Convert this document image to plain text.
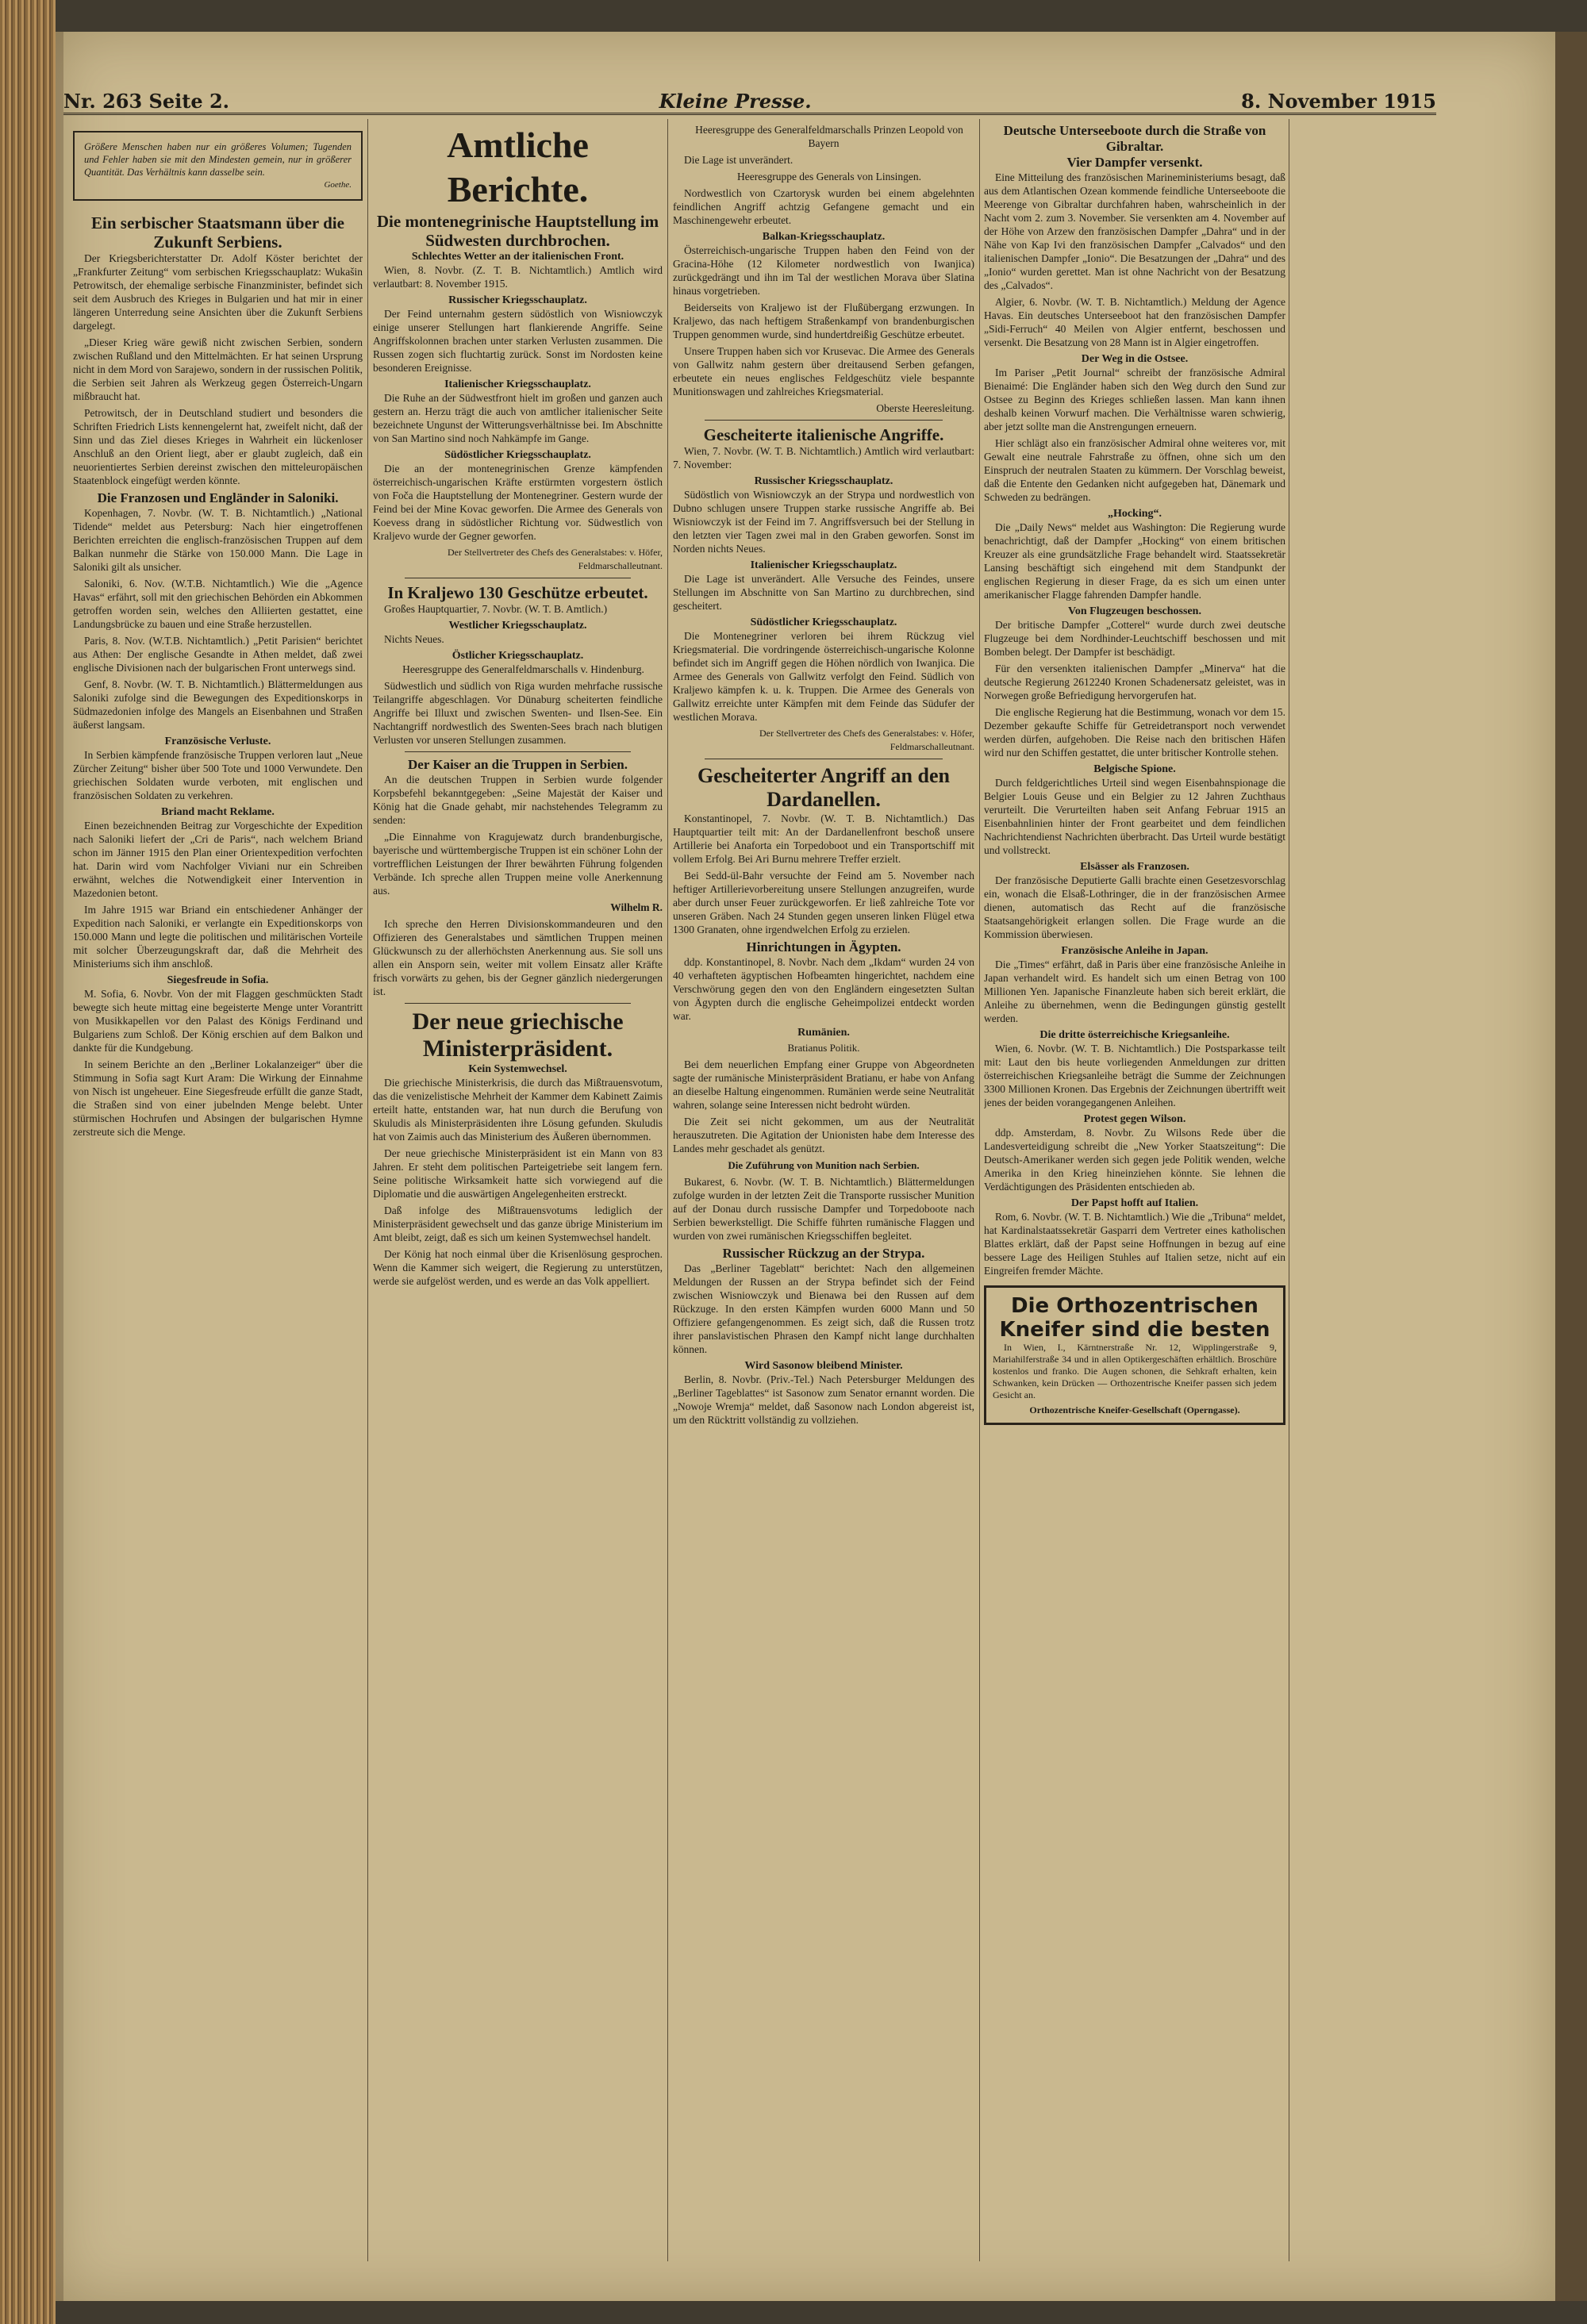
Nr. 263 Seite 2.	Kleine Presse.	8. November 1915
Größere Menschen haben nur ein größeres Volumen; Tugenden und Fehler haben sie mit den Mindesten gemein, nur in größerer Quantität. Das Verhältnis kann dasselbe sein.
Goethe.
Ein serbischer Staatsmann über die Zukunft Serbiens.

Der Kriegsberichterstatter Dr. Adolf Köster berichtet der „Frankfurter Zeitung“ vom serbischen Kriegsschauplatz: Wukašin Petrowitsch, der ehemalige serbische Finanzminister, befindet sich seit dem Ausbruch des Krieges in Bulgarien und hat mir in einer längeren Unterredung seine Ansichten über die Zukunft Serbiens dargelegt.

„Dieser Krieg wäre gewiß nicht zwischen Serbien, sondern zwischen Rußland und den Mittelmächten. Er hat seinen Ursprung nicht in dem Mord von Sarajewo, sondern in der russischen Politik, die Serbien seit Jahren als Werkzeug gegen Österreich-Ungarn mißbraucht hat.

Petrowitsch, der in Deutschland studiert und besonders die Schriften Friedrich Lists kennengelernt hat, zweifelt nicht, daß der Sinn und das Ziel dieses Krieges in Wahrheit ein lückenloser Anschluß an den Orient liegt, aber er glaubt zugleich, daß ein neuorientiertes Serbien dereinst zwischen den mitteleuropäischen Staatenblock eingefügt werden könnte.

Die Franzosen und Engländer in Saloniki.

Kopenhagen, 7. Novbr. (W. T. B. Nichtamtlich.) „National Tidende“ meldet aus Petersburg: Nach hier eingetroffenen Berichten erreichten die englisch-französischen Truppen auf dem Balkan nunmehr die Stärke von 150.000 Mann. Die Lage in Saloniki gilt als unsicher.

Saloniki, 6. Nov. (W.T.B. Nichtamtlich.) Wie die „Agence Havas“ erfährt, soll mit den griechischen Behörden ein Abkommen getroffen worden sein, welches den Alliierten gestattet, eine Landungsbrücke zu bauen und eine Straße herzustellen.

Paris, 8. Nov. (W.T.B. Nichtamtlich.) „Petit Parisien“ berichtet aus Athen: Der englische Gesandte in Athen meldet, daß zwei englische Divisionen nach der bulgarischen Front unterwegs sind.

Genf, 8. Novbr. (W. T. B. Nichtamtlich.) Blättermeldungen aus Saloniki zufolge sind die Bewegungen des Expeditionskorps in Südmazedonien infolge des Mangels an Eisenbahnen und Straßen äußerst langsam.

Französische Verluste.

In Serbien kämpfende französische Truppen verloren laut „Neue Zürcher Zeitung“ bisher über 500 Tote und 1000 Verwundete. Den griechischen Soldaten wurde verboten, mit englischen und französischen Soldaten zu verkehren.

Briand macht Reklame.

Einen bezeichnenden Beitrag zur Vorgeschichte der Expedition nach Saloniki liefert der „Cri de Paris“, nach welchem Briand schon im Jänner 1915 den Plan einer Orientexpedition verfochten hat. Darin wird vom Nachfolger Viviani nur ein Schreiben erwähnt, welches die Notwendigkeit einer Intervention in Mazedonien betont.

Im Jahre 1915 war Briand ein entschiedener Anhänger der Expedition nach Saloniki, er verlangte ein Expeditionskorps von 150.000 Mann und legte die politischen und militärischen Vorteile mit solcher Überzeugungskraft dar, daß die Mehrheit des Ministeriums sich ihm anschloß.

Siegesfreude in Sofia.

M. Sofia, 6. Novbr. Von der mit Flaggen geschmückten Stadt bewegte sich heute mittag eine begeisterte Menge unter Vorantritt von Musikkapellen vor den Palast des Königs Ferdinand und Bulgariens zum Schloß. Der König erschien auf dem Balkon und dankte für die Kundgebung.

In seinem Berichte an den „Berliner Lokalanzeiger“ über die Stimmung in Sofia sagt Kurt Aram: Die Wirkung der Einnahme von Nisch ist ungeheuer. Eine Siegesfreude erfüllt die ganze Stadt, die Straßen sind von einer jubelnden Menge belebt. Unter stürmischen Hochrufen und Absingen der bulgarischen Hymne zerstreute sich die Menge.

Amtliche Berichte.
Die montenegrinische Hauptstellung im Südwesten durchbrochen.
Schlechtes Wetter an der italienischen Front.

Wien, 8. Novbr. (Z. T. B. Nichtamtlich.) Amtlich wird verlautbart: 8. November 1915.

Russischer Kriegsschauplatz.

Der Feind unternahm gestern südöstlich von Wisniowczyk einige unserer Stellungen hart flankierende Angriffe. Seine Angriffskolonnen brachen unter starken Verlusten zusammen. Die Russen zogen sich fluchtartig zurück. Sonst im Nordosten keine besonderen Ereignisse.

Italienischer Kriegsschauplatz.

Die Ruhe an der Südwestfront hielt im großen und ganzen auch gestern an. Herzu trägt die auch von amtlicher italienischer Seite bezeichnete Ungunst der Witterungsverhältnisse bei. Im Abschnitte von San Martino sind noch Nahkämpfe im Gange.

Südöstlicher Kriegsschauplatz.

Die an der montenegrinischen Grenze kämpfenden österreichisch-ungarischen Kräfte erstürmten vorgestern östlich von Foča die Hauptstellung der Montenegriner. Gestern wurde der Feind bei der Mine Kovac geworfen. Die Armee des Generals von Koevess drang in südöstlicher Richtung vor. Südwestlich von Kraljevo wurde der Gegner geworfen.

Der Stellvertreter des Chefs des Generalstabes: v. Höfer, Feldmarschalleutnant.

In Kraljewo 130 Geschütze erbeutet.

Großes Hauptquartier, 7. Novbr. (W. T. B. Amtlich.)

Westlicher Kriegsschauplatz.

Nichts Neues.

Östlicher Kriegsschauplatz.

Heeresgruppe des Generalfeldmarschalls v. Hindenburg.

Südwestlich und südlich von Riga wurden mehrfache russische Teilangriffe abgeschlagen. Vor Dünaburg scheiterten feindliche Angriffe bei Illuxt und zwischen Swenten- und Ilsen-See. Ein Nachtangriff nordwestlich des Swenten-Sees brach nach blutigen Verlusten vor unseren Stellungen zusammen.

Der Kaiser an die Truppen in Serbien.

An die deutschen Truppen in Serbien wurde folgender Korpsbefehl bekanntgegeben: „Seine Majestät der Kaiser und König hat die Gnade gehabt, mir nachstehendes Telegramm zu senden:

„Die Einnahme von Kragujewatz durch brandenburgische, bayerische und württembergische Truppen ist ein schöner Lohn der vortrefflichen Leistungen der Ihrer bewährten Führung folgenden Verbände. Ich spreche allen Truppen meine volle Anerkennung aus.

Wilhelm R.

Ich spreche den Herren Divisionskommandeuren und den Offizieren des Generalstabes und sämtlichen Truppen meinen Glückwunsch zu der allerhöchsten Anerkennung aus. Sie soll uns allen ein Ansporn sein, weiter mit vollem Einsatz aller Kräfte frisch vorwärts zu gehen, bis der Gegner gänzlich niedergerungen ist.

Der neue griechische Ministerpräsident.
Kein Systemwechsel.

Die griechische Ministerkrisis, die durch das Mißtrauensvotum, das die venizelistische Mehrheit der Kammer dem Kabinett Zaimis erteilt hatte, entstanden war, hat nun durch die Berufung von Skuludis als Ministerpräsidenten ihre Lösung gefunden. Skuludis hat von Zaimis auch das Ministerium des Äußeren übernommen.

Der neue griechische Ministerpräsident ist ein Mann von 83 Jahren. Er steht dem politischen Parteigetriebe seit langem fern. Seine politische Wirksamkeit hatte sich vorwiegend auf die Diplomatie und die auswärtigen Angelegenheiten erstreckt.

Daß infolge des Mißtrauensvotums lediglich der Ministerpräsident gewechselt und das ganze übrige Ministerium im Amt bleibt, zeigt, daß es sich um keinen Systemwechsel handelt.

Der König hat noch einmal über die Krisenlösung gesprochen. Wenn die Kammer sich weigert, die Regierung zu unterstützen, werde sie aufgelöst werden, und es werde an das Volk appelliert.

Heeresgruppe des Generalfeldmarschalls Prinzen Leopold von Bayern

Die Lage ist unverändert.

Heeresgruppe des Generals von Linsingen.

Nordwestlich von Czartorysk wurden bei einem abgelehnten feindlichen Angriff achtzig Gefangene gemacht und ein Maschinengewehr erbeutet.

Balkan-Kriegsschauplatz.

Österreichisch-ungarische Truppen haben den Feind von der Gracina-Höhe (12 Kilometer nordwestlich von Iwanjica) zurückgedrängt und ihn im Tal der westlichen Morava über Slatina hinaus vorgetrieben.

Beiderseits von Kraljewo ist der Flußübergang erzwungen. In Kraljewo, das nach heftigem Straßenkampf von brandenburgischen Truppen genommen wurde, sind hundertdreißig Geschütze erbeutet.

Unsere Truppen haben sich vor Krusevac. Die Armee des Generals von Gallwitz nahm gestern über dreitausend Serben gefangen, erbeutete ein neues englisches Feldgeschütz viele bespannte Munitionswagen und zahlreiches Kriegsmaterial.

Oberste Heeresleitung.

Gescheiterte italienische Angriffe.

Wien, 7. Novbr. (W. T. B. Nichtamtlich.) Amtlich wird verlautbart: 7. November:

Russischer Kriegsschauplatz.

Südöstlich von Wisniowczyk an der Strypa und nordwestlich von Dubno schlugen unsere Truppen starke russische Angriffe ab. Bei Wisniowczyk ist der Feind im 7. Angriffsversuch bei der Stellung in den letzten vier Tagen zwei mal in den Graben geworfen. Sonst im Norden nichts Neues.

Italienischer Kriegsschauplatz.

Die Lage ist unverändert. Alle Versuche des Feindes, unsere Stellungen im Abschnitte von San Martino zu durchbrechen, sind gescheitert.

Südöstlicher Kriegsschauplatz.

Die Montenegriner verloren bei ihrem Rückzug viel Kriegsmaterial. Die vordringende österreichisch-ungarische Kolonne befindet sich im Angriff gegen die Höhen nördlich von Iwanjica. Die Armee des Generals von Gallwitz verfolgt den Feind. Südlich von Kraljewo kämpfen k. u. k. Truppen. Die Armee des Generals von Gallwitz erreichte unter Kämpfen mit dem Feinde das Südufer der westlichen Morava.

Der Stellvertreter des Chefs des Generalstabes: v. Höfer, Feldmarschalleutnant.

Gescheiterter Angriff an den Dardanellen.

Konstantinopel, 7. Novbr. (W. T. B. Nichtamtlich.) Das Hauptquartier teilt mit: An der Dardanellenfront beschoß unsere Artillerie bei Anaforta ein Torpedoboot und ein Transportschiff mit vollem Erfolg. Bei Ari Burnu mehrere Treffer erzielt.

Bei Sedd-ül-Bahr versuchte der Feind am 5. November nach heftiger Artillerievorbereitung unsere Stellungen anzugreifen, wurde aber durch unser Feuer zurückgeworfen. Er ließ zahlreiche Tote vor unseren Gräben. Nach 24 Stunden gegen unseren linken Flügel etwa 1300 Granaten, ohne irgendwelchen Erfolg zu erzielen.

Hinrichtungen in Ägypten.

ddp. Konstantinopel, 8. Novbr. Nach dem „Ikdam“ wurden 24 von 40 verhafteten ägyptischen Hofbeamten hingerichtet, nachdem eine Verschwörung gegen den von den Engländern eingesetzten Sultan von Ägypten durch die englische Geheimpolizei entdeckt worden war.

Rumänien.
Bratianus Politik.

Bei dem neuerlichen Empfang einer Gruppe von Abgeordneten sagte der rumänische Ministerpräsident Bratianu, er habe von Anfang an dieselbe Haltung eingenommen. Rumänien werde seine Neutralität wahren, solange seine Interessen nicht bedroht würden.

Die Zeit sei nicht gekommen, um aus der Neutralität herauszutreten. Die Agitation der Unionisten habe dem Interesse des Landes mehr geschadet als genützt.

Die Zuführung von Munition nach Serbien.

Bukarest, 6. Novbr. (W. T. B. Nichtamtlich.) Blättermeldungen zufolge wurden in der letzten Zeit die Transporte russischer Munition auf der Donau durch russische Dampfer und Torpedoboote nach Serbien bewerkstelligt. Die Schiffe führten rumänische Flaggen und wurden von zwei rumänischen Kriegsschiffen begleitet.

Russischer Rückzug an der Strypa.

Das „Berliner Tageblatt“ berichtet: Nach den allgemeinen Meldungen der Russen an der Strypa befindet sich der Feind zwischen Wisniowczyk und Bienawa bei den Russen auf dem Rückzuge. In den ersten Kämpfen wurden 6000 Mann und 50 Offiziere gefangengenommen. Es zeigt sich, daß die Russen trotz ihrer panslavistischen Phrasen den Kampf nicht lange durchhalten können.

Wird Sasonow bleibend Minister.

Berlin, 8. Novbr. (Priv.-Tel.) Nach Petersburger Meldungen des „Berliner Tageblattes“ ist Sasonow zum Senator ernannt worden. Die „Nowoje Wremja“ meldet, daß Sasonow nach London abgereist ist, um den Rücktritt vollständig zu vollziehen.

Deutsche Unterseeboote durch die Straße von Gibraltar.
Vier Dampfer versenkt.

Eine Mitteilung des französischen Marineministeriums besagt, daß aus dem Atlantischen Ozean kommende feindliche Unterseeboote die Meerenge von Gibraltar durchfahren haben, wahrscheinlich in der Nacht vom 2. zum 3. November. Sie versenkten am 4. November auf der Höhe von Arzew den französischen Dampfer „Dahra“ und in der Nähe von Kap Ivi den französischen Dampfer „Calvados“ und den italienischen Dampfer „Ionio“. Die Besatzungen der „Dahra“ und des „Ionio“ wurden gerettet. Man ist ohne Nachricht von der Besatzung des „Calvados“.

Algier, 6. Novbr. (W. T. B. Nichtamtlich.) Meldung der Agence Havas. Ein deutsches Unterseeboot hat den französischen Dampfer „Sidi-Ferruch“ 40 Meilen von Algier entfernt, beschossen und versenkt. Die Besatzung von 28 Mann ist in Algier eingetroffen.

Der Weg in die Ostsee.

Im Pariser „Petit Journal“ schreibt der französische Admiral Bienaimé: Die Engländer haben sich den Weg durch den Sund zur Ostsee zu Beginn des Krieges schließen lassen. Man kann ihnen deshalb keinen Vorwurf machen. Die Verhältnisse waren schwierig, aber jetzt sollte man die Anstrengungen erneuern.

Hier schlägt also ein französischer Admiral ohne weiteres vor, mit Gewalt eine neutrale Fahrstraße zu öffnen, ohne sich um den Einspruch der neutralen Staaten zu kümmern. Der Vorschlag beweist, daß die Entente den Gedanken nicht aufgegeben hat, Dänemark und Schweden zu bedrängen.

„Hocking“.

Die „Daily News“ meldet aus Washington: Die Regierung wurde benachrichtigt, daß der Dampfer „Hocking“ von einem britischen Kreuzer als eine grundsätzliche Frage behandelt wird. Staatssekretär Lansing beschäftigt sich eingehend mit dem Standpunkt der englischen Regierung in dieser Frage, da es sich um einen unter amerikanischer Flagge fahrenden Dampfer handle.

Von Flugzeugen beschossen.

Der britische Dampfer „Cotterel“ wurde durch zwei deutsche Flugzeuge bei dem Nordhinder-Leuchtschiff beschossen und mit Bomben belegt. Der Dampfer ist beschädigt.

Für den versenkten italienischen Dampfer „Minerva“ hat die deutsche Regierung 2612240 Kronen Schadenersatz geleistet, was in Norwegen große Befriedigung hervorgerufen hat.

Die englische Regierung hat die Bestimmung, wonach vor dem 15. Dezember gekaufte Schiffe für Getreidetransport noch verwendet werden dürfen, aufgehoben. Die Reise nach den britischen Häfen wird nur den Schiffen gestattet, die unter britischer Kontrolle stehen.

Belgische Spione.

Durch feldgerichtliches Urteil sind wegen Eisenbahnspionage die Belgier Louis Geuse und ein Belgier zu 12 Jahren Zuchthaus verurteilt. Die Verurteilten haben seit Anfang Februar 1915 an Eisenbahnlinien hinter der Front gearbeitet und dem feindlichen Nachrichtendienst Nachrichten überbracht. Das Urteil wurde bestätigt und vollstreckt.

Elsässer als Franzosen.

Der französische Deputierte Galli brachte einen Gesetzesvorschlag ein, wonach die Elsaß-Lothringer, die in der französischen Armee dienen, automatisch das Recht auf die französische Staatsangehörigkeit erlangen sollen. Die Frage wurde an die Kommission überwiesen.

Französische Anleihe in Japan.

Die „Times“ erfährt, daß in Paris über eine französische Anleihe in Japan verhandelt wird. Es handelt sich um einen Betrag von 100 Millionen Yen. Japanische Finanzleute haben sich bereit erklärt, die Anleihe zu übernehmen, wenn die Bedingungen günstig gestellt werden.

Die dritte österreichische Kriegsanleihe.

Wien, 6. Novbr. (W. T. B. Nichtamtlich.) Die Postsparkasse teilt mit: Laut den bis heute vorliegenden Anmeldungen zur dritten österreichischen Kriegsanleihe beträgt die Summe der Zeichnungen 3300 Millionen Kronen. Das Ergebnis der Zeichnungen übertrifft weit jenes der beiden vorangegangenen Anleihen.

Protest gegen Wilson.

ddp. Amsterdam, 8. Novbr. Zu Wilsons Rede über die Landesverteidigung schreibt die „New Yorker Staatszeitung“: Die Deutsch-Amerikaner werden sich gegen jede Politik wenden, welche Amerika in den Krieg hineinziehen könnte. Sie lehnen die Verdächtigungen des Präsidenten entschieden ab.

Der Papst hofft auf Italien.

Rom, 6. Novbr. (W. T. B. Nichtamtlich.) Wie die „Tribuna“ meldet, hat Kardinalstaatssekretär Gasparri dem Vertreter eines katholischen Blattes erklärt, daß der Papst seine Hoffnungen in bezug auf eine bessere Lage des Heiligen Stuhles auf Italien setze, nicht auf ein Eingreifen fremder Mächte.

Die Orthozentrischen Kneifer sind die besten

In Wien, I., Kärntnerstraße Nr. 12, Wipplingerstraße 9, Mariahilferstraße 34 und in allen Optikergeschäften erhältlich. Broschüre kostenlos und franko. Die Augen schonen, die Sehkraft erhalten, kein Schwanken, kein Drücken — Orthozentrische Kneifer passen sich jedem Gesicht an.

Orthozentrische Kneifer-Gesellschaft (Operngasse).
